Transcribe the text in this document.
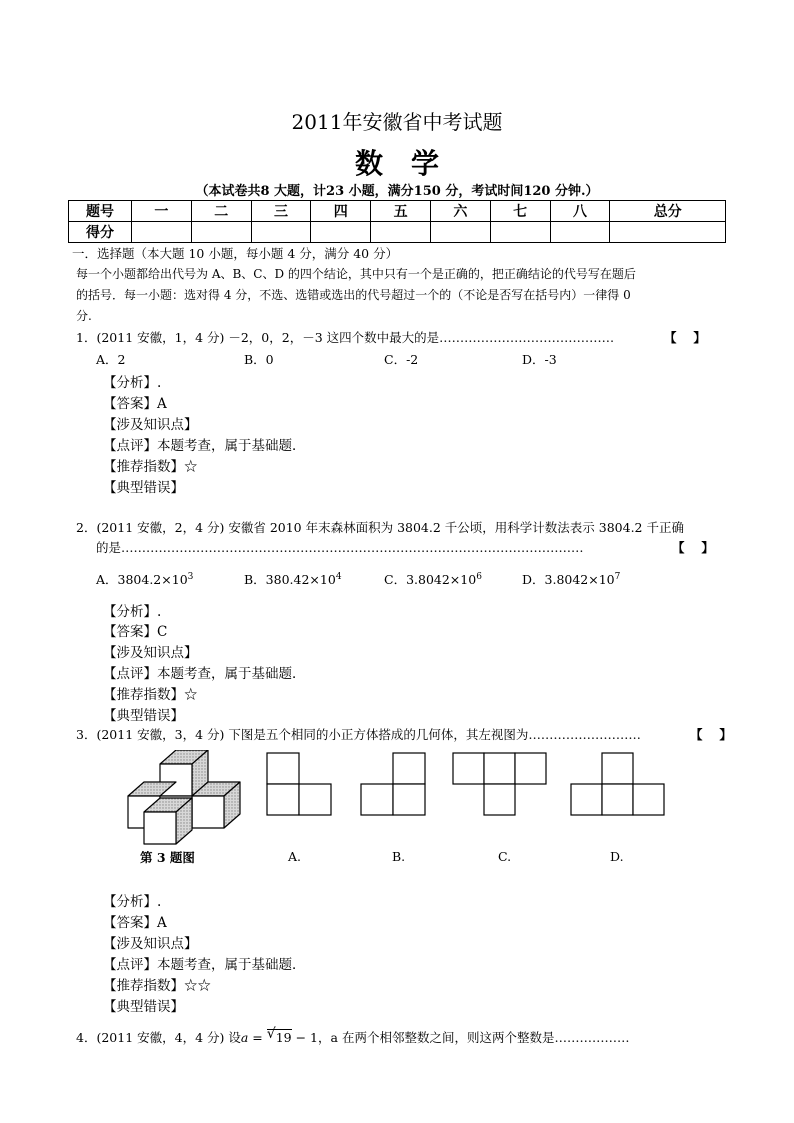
2011年安徽省中考试题
数学
（本试卷共8 大题，计23 小题，满分150 分，考试时间120 分钟.）
题号	一	二	三	四	五	六	七	八	总分
得分									
一．选择题（本大题 10 小题，每小题 4 分，满分 40 分）
每一个小题都给出代号为 A、B、C、D 的四个结论，其中只有一个是正确的，把正确结论的代号写在题后
的括号．每一小题：选对得 4 分，不选、选错或选出的代号超过一个的（不论是否写在括号内）一律得 0
分.
1．(2011 安徽，1，4 分) －2，0，2，－3 这四个数中最大的是……………………………………	【　 】
A．2	B．0	C．-2	D．-3
【分析】.
【答案】A
【涉及知识点】
【点评】本题考查，属于基础题．
【推荐指数】☆
【典型错误】
2．(2011 安徽，2，4 分) 安徽省 2010 年末森林面积为 3804.2 千公顷，用科学计数法表示 3804.2 千正确
的是…………………………………………………………………………………………………	【　 】
A．$3804.2\times 10^3$	B．$380.42\times 10^4$	C．$3.8042\times 10^6$	D．$3.8042\times 10^7$
【分析】.
【答案】C
【涉及知识点】
【点评】本题考查，属于基础题．
【推荐指数】☆
【典型错误】
3．(2011 安徽，3，4 分) 下图是五个相同的小正方体搭成的几何体，其左视图为………………………	【　 】
第 3 题图	A.	B.	C.	D.
【分析】.
【答案】A
【涉及知识点】
【点评】本题考查，属于基础题．
【推荐指数】☆☆
【典型错误】
4．(2011 安徽，4，4 分) 设a = √ 19 − 1，a 在两个相邻整数之间，则这两个整数是………………
